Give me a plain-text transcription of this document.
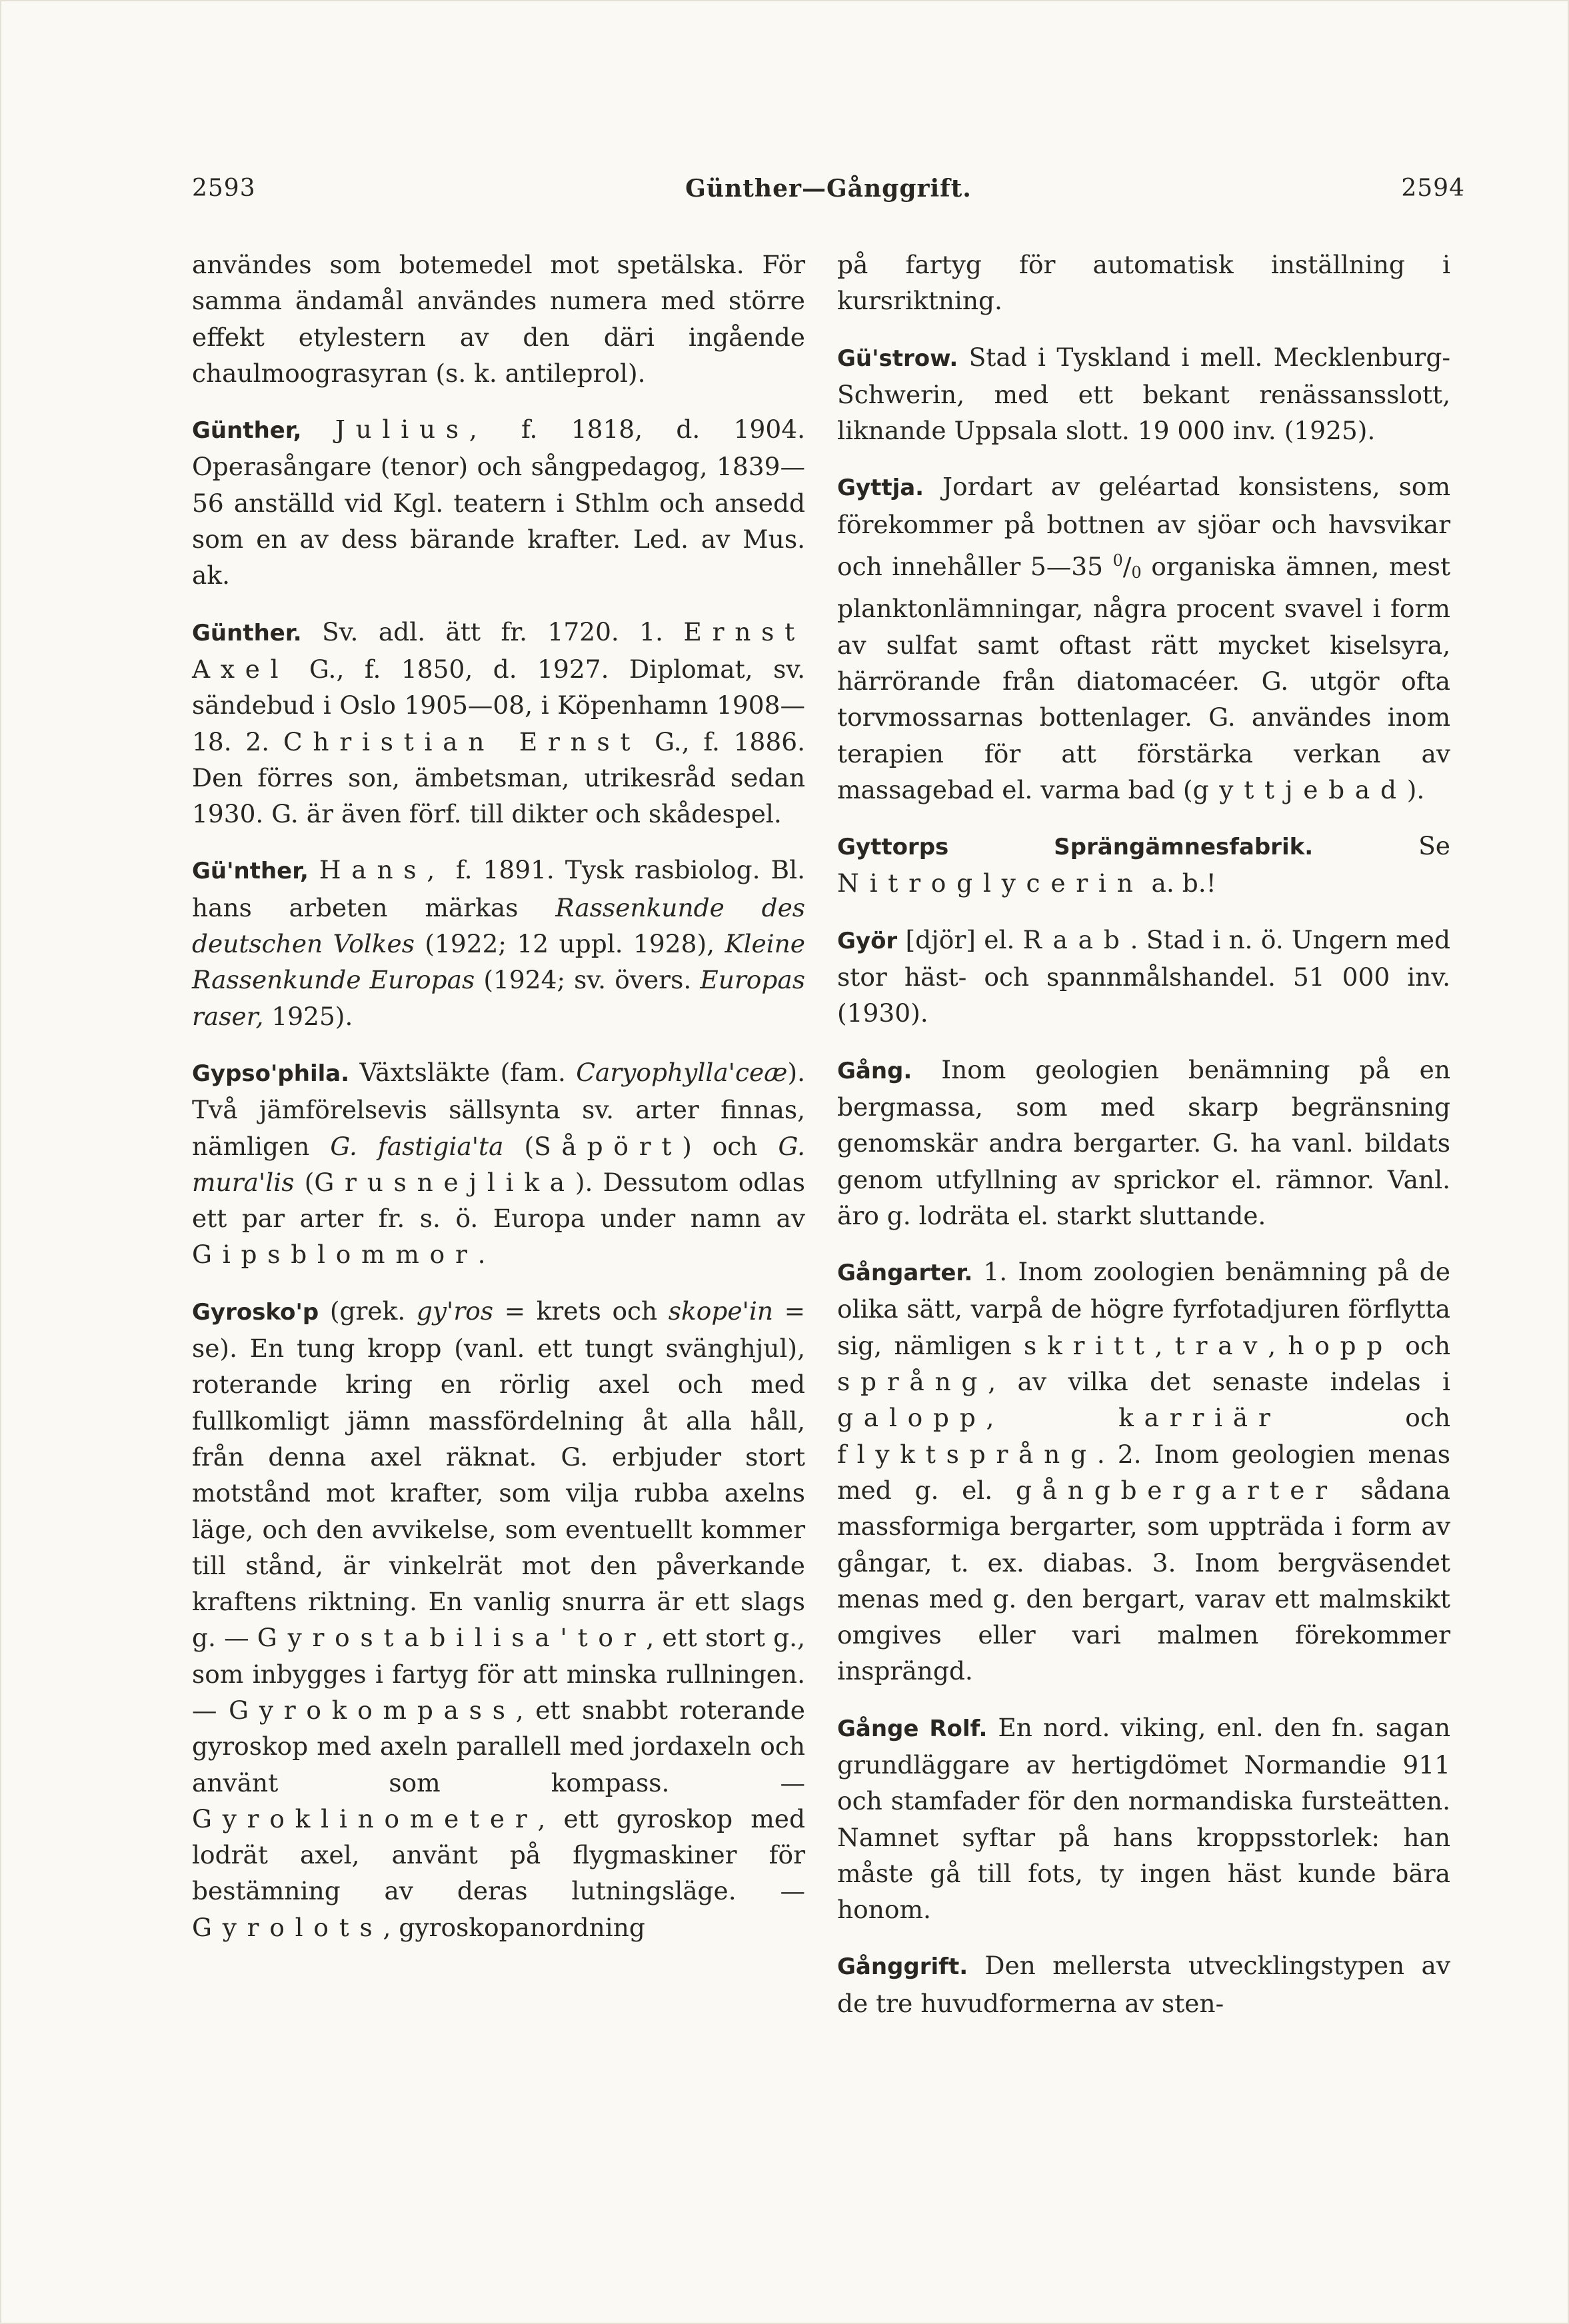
2593	Günther—Gånggrift.	2594

användes som botemedel mot spetälska. För samma ändamål användes numera med större effekt etylestern av den däri ingående chaulmoograsyran (s. k. antileprol).

Günther, Julius, f. 1818, d. 1904. Operasångare (tenor) och sångpedagog, 1839—56 anställd vid Kgl. teatern i Sthlm och ansedd som en av dess bärande krafter. Led. av Mus. ak.

Günther. Sv. adl. ätt fr. 1720. 1. Ernst Axel G., f. 1850, d. 1927. Diplomat, sv. sändebud i Oslo 1905—08, i Köpenhamn 1908—18. 2. Christian Ernst G., f. 1886. Den förres son, ämbetsman, utrikesråd sedan 1930. G. är även förf. till dikter och skådespel.

Gü'nther, Hans, f. 1891. Tysk rasbiolog. Bl. hans arbeten märkas Rassenkunde des deutschen Volkes (1922; 12 uppl. 1928), Kleine Rassenkunde Europas (1924; sv. övers. Europas raser, 1925).

Gypso'phila. Växtsläkte (fam. Caryophylla'ceæ). Två jämförelsevis sällsynta sv. arter finnas, nämligen G. fastigia'ta (Såpört) och G. mura'lis (Grusnejlika). Dessutom odlas ett par arter fr. s. ö. Europa under namn av Gipsblommor.

Gyrosko'p (grek. gy'ros = krets och skope'in = se). En tung kropp (vanl. ett tungt svänghjul), roterande kring en rörlig axel och med fullkomligt jämn massfördelning åt alla håll, från denna axel räknat. G. erbjuder stort motstånd mot krafter, som vilja rubba axelns läge, och den avvikelse, som eventuellt kommer till stånd, är vinkelrät mot den påverkande kraftens riktning. En vanlig snurra är ett slags g. — Gyrostabilisa'tor, ett stort g., som inbygges i fartyg för att minska rullningen. — Gyrokompass, ett snabbt roterande gyroskop med axeln parallell med jordaxeln och använt som kompass. — Gyroklinometer, ett gyroskop med lodrät axel, använt på flygmaskiner för bestämning av deras lutningsläge. — Gyrolots, gyroskopanordning

på fartyg för automatisk inställning i kursriktning.

Gü'strow. Stad i Tyskland i mell. Mecklenburg-Schwerin, med ett bekant renässansslott, liknande Uppsala slott. 19 000 inv. (1925).

Gyttja. Jordart av geléartad konsistens, som förekommer på bottnen av sjöar och havsvikar och innehåller 5—35 $^0$/0 organiska ämnen, mest planktonlämningar, några procent svavel i form av sulfat samt oftast rätt mycket kiselsyra, härrörande från diatomacéer. G. utgör ofta torvmossarnas bottenlager. G. användes inom terapien för att förstärka verkan av massagebad el. varma bad (gyttjebad).

Gyttorps Sprängämnesfabrik.	Se Nitroglycerin a. b.!

Györ [djör] el. Raab. Stad i n. ö. Ungern med stor häst- och spannmålshandel. 51 000 inv. (1930).

Gång. Inom geologien benämning på en bergmassa, som med skarp begränsning genomskär andra bergarter. G. ha vanl. bildats genom utfyllning av sprickor el. rämnor. Vanl. äro g. lodräta el. starkt sluttande.

Gångarter. 1. Inom zoologien benämning på de olika sätt, varpå de högre fyrfotadjuren förflytta sig, nämligen skritt, trav, hopp och språng, av vilka det senaste indelas i galopp,	karriär	och flyktsprång. 2. Inom geologien menas med g. el. gångbergarter sådana massformiga bergarter, som uppträda i form av gångar, t. ex. diabas. 3. Inom bergväsendet menas med g. den bergart, varav ett malmskikt omgives eller vari malmen förekommer insprängd.

Gånge Rolf. En nord. viking, enl. den fn. sagan grundläggare av hertigdömet Normandie 911 och stamfader för den normandiska fursteätten. Namnet syftar på hans kroppsstorlek: han måste gå till fots, ty ingen häst kunde bära honom.

Gånggrift. Den mellersta utvecklingstypen av de tre huvudformerna av sten-
